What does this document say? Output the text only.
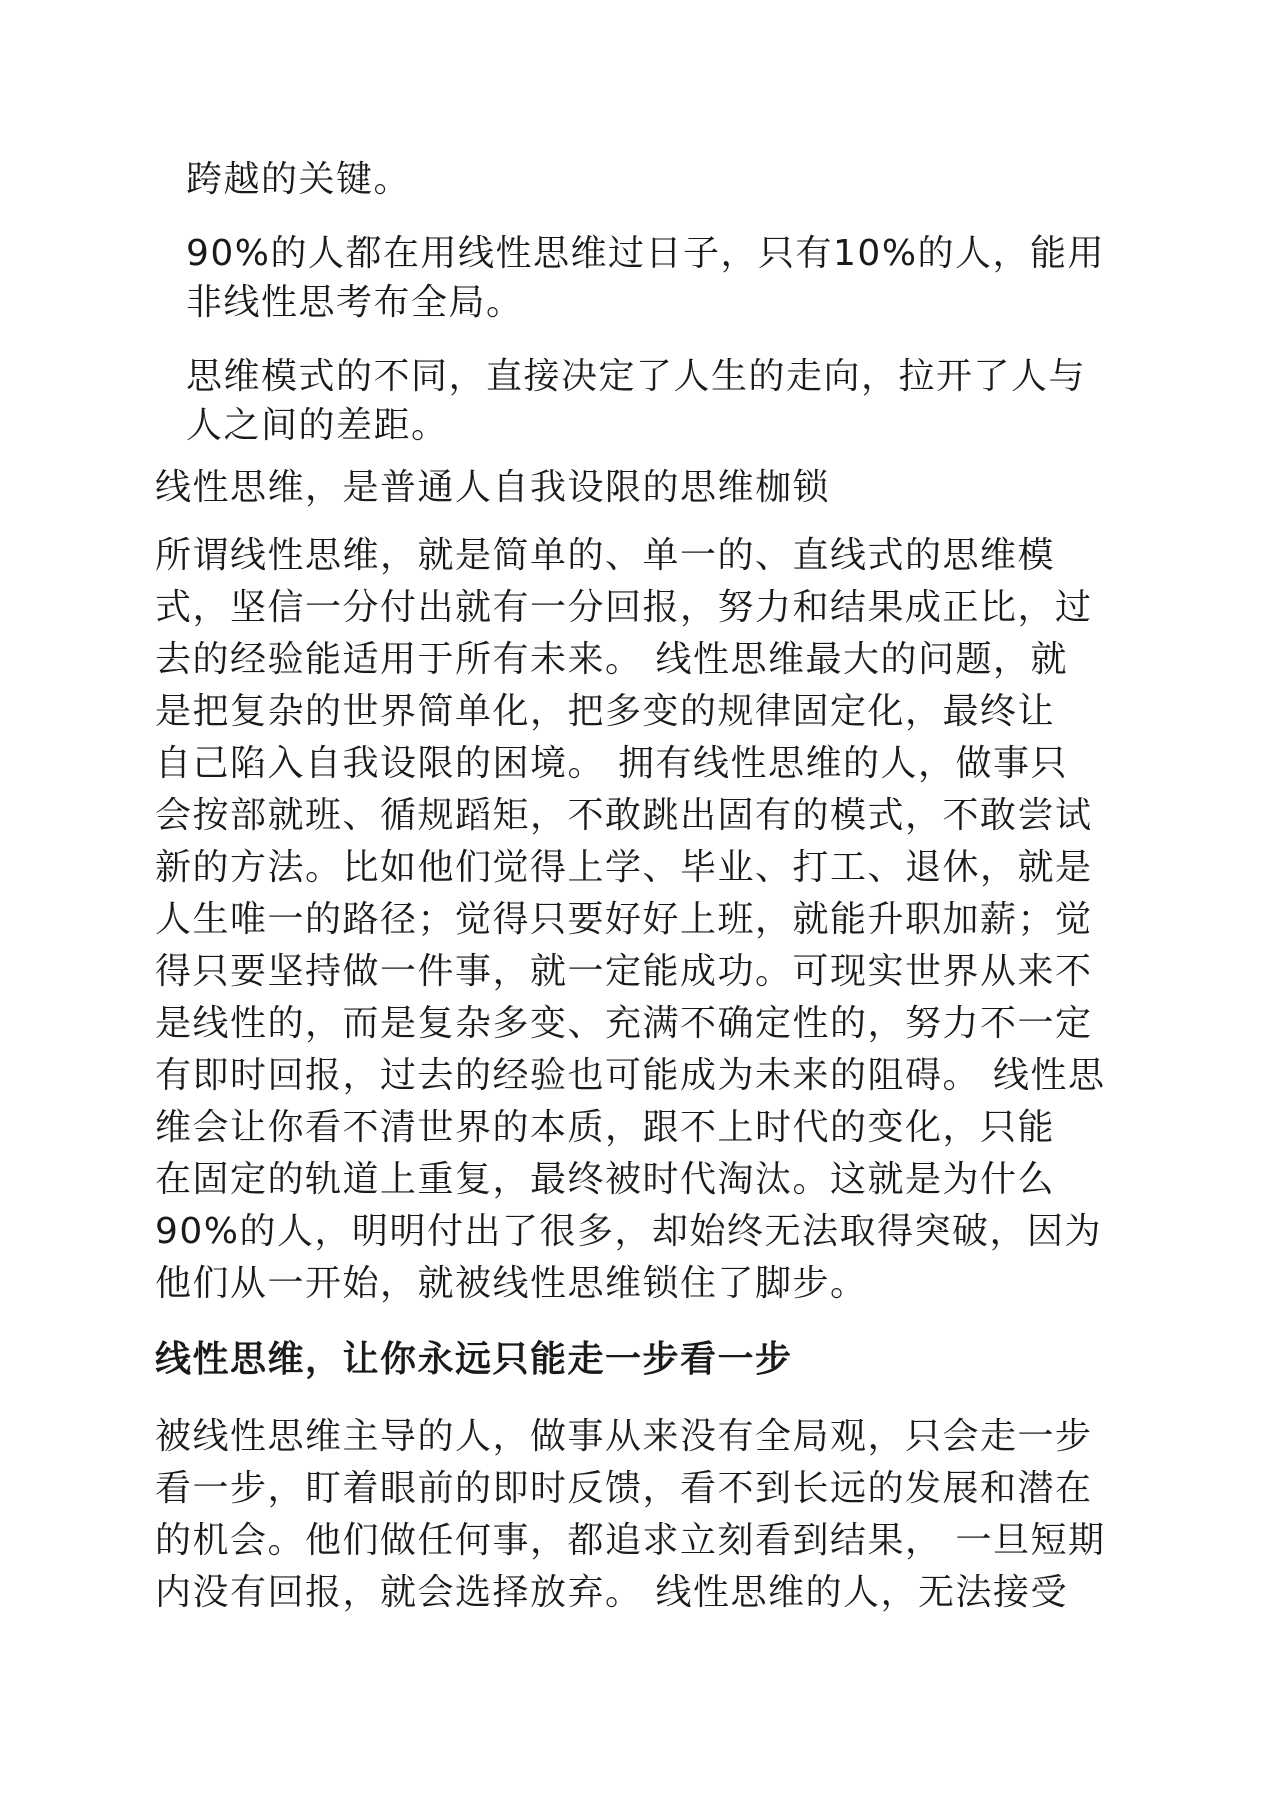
跨越的关键。
90%的人都在用线性思维过日子，只有10%的人，能用
非线性思考布全局。
思维模式的不同，直接决定了人生的走向，拉开了人与
人之间的差距。
线性思维，是普通人自我设限的思维枷锁
所谓线性思维，就是简单的、单一的、直线式的思维模
式，坚信一分付出就有一分回报，努力和结果成正比，过
去的经验能适用于所有未来。 线性思维最大的问题，就
是把复杂的世界简单化，把多变的规律固定化，最终让
自己陷入自我设限的困境。 拥有线性思维的人，做事只
会按部就班、循规蹈矩，不敢跳出固有的模式，不敢尝试
新的方法。比如他们觉得上学、毕业、打工、退休，就是
人生唯一的路径；觉得只要好好上班，就能升职加薪；觉
得只要坚持做一件事，就一定能成功。可现实世界从来不
是线性的，而是复杂多变、充满不确定性的，努力不一定
有即时回报，过去的经验也可能成为未来的阻碍。 线性思
维会让你看不清世界的本质，跟不上时代的变化，只能
在固定的轨道上重复，最终被时代淘汰。这就是为什么
90%的人，明明付出了很多，却始终无法取得突破，因为
他们从一开始，就被线性思维锁住了脚步。
线性思维，让你永远只能走一步看一步
被线性思维主导的人，做事从来没有全局观，只会走一步
看一步，盯着眼前的即时反馈，看不到长远的发展和潜在
的机会。他们做任何事，都追求立刻看到结果， 一旦短期
内没有回报，就会选择放弃。 线性思维的人，无法接受
